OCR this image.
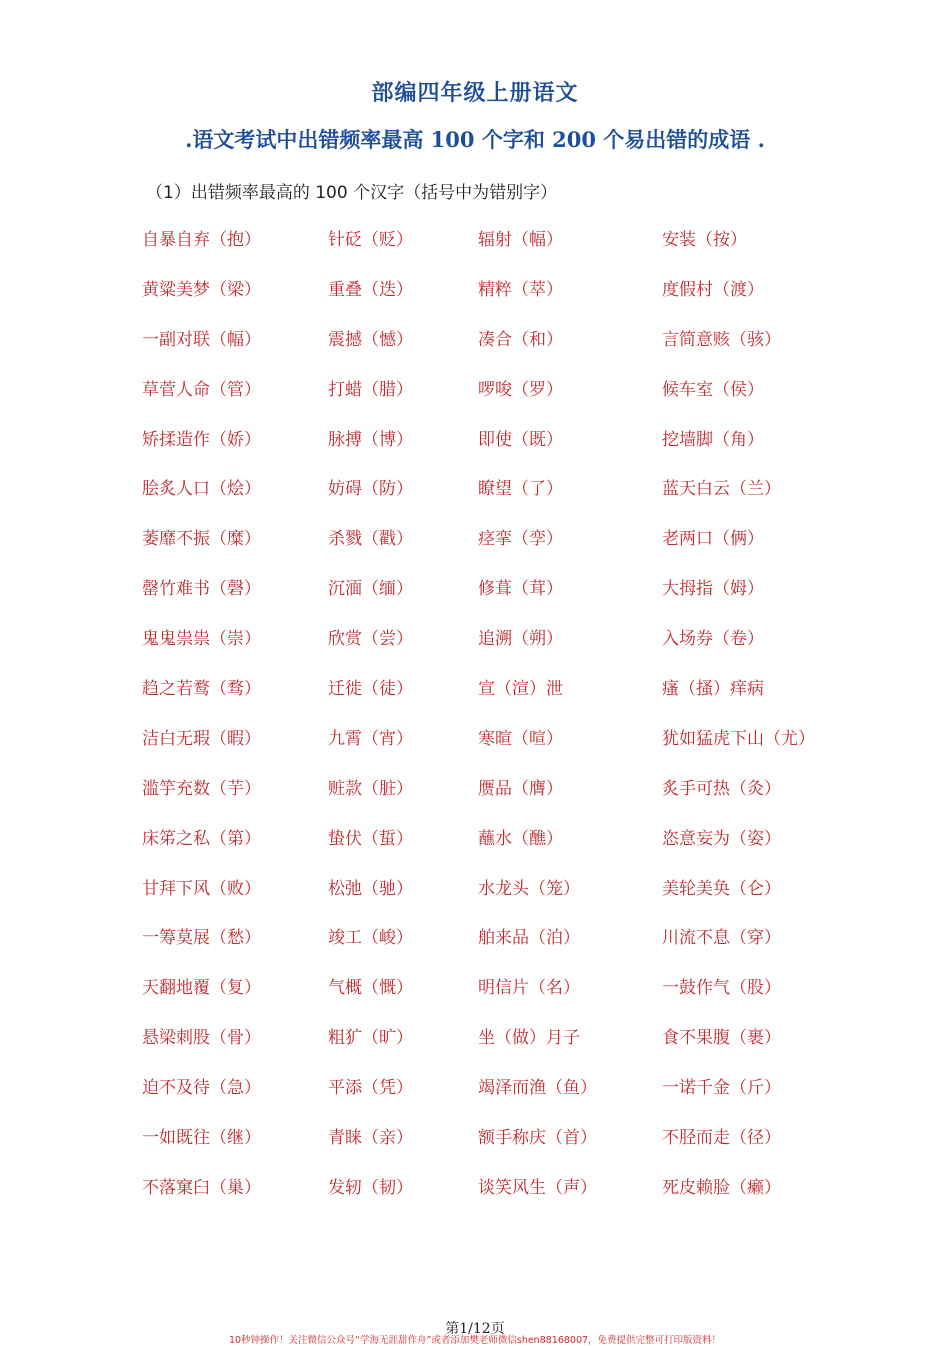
部编四年级上册语文
.语文考试中出错频率最高 100 个字和 200 个易出错的成语 .

（1）出错频率最高的 100 个汉字（括号中为错别字）

自暴自弃（抱）	针砭（贬）	辐射（幅）	安装（按）
黄粱美梦（梁）	重叠（迭）	精粹（萃）	度假村（渡）
一副对联（幅）	震撼（憾）	凑合（和）	言简意赅（骇）
草菅人命（管）	打蜡（腊）	啰唆（罗）	候车室（侯）
矫揉造作（娇）	脉搏（博）	即使（既）	挖墙脚（角）
脍炙人口（烩）	妨碍（防）	瞭望（了）	蓝天白云（兰）
萎靡不振（糜）	杀戮（戳）	痉挛（孪）	老两口（俩）
罄竹难书（磬）	沉湎（缅）	修葺（茸）	大拇指（姆）
鬼鬼祟祟（崇）	欣赏（尝）	追溯（朔）	入场券（卷）
趋之若鹜（骛）	迁徙（徒）	宣（渲）泄	瘙（搔）痒病
洁白无瑕（暇）	九霄（宵）	寒暄（喧）	犹如猛虎下山（尤）
滥竽充数（芋）	赃款（脏）	赝品（膺）	炙手可热（灸）
床笫之私（第）	蛰伏（蜇）	蘸水（醮）	恣意妄为（姿）
甘拜下风（败）	松弛（驰）	水龙头（笼）	美轮美奂（仑）
一筹莫展（愁）	竣工（峻）	舶来品（泊）	川流不息（穿）
天翻地覆（复）	气概（慨）	明信片（名）	一鼓作气（股）
悬梁刺股（骨）	粗犷（旷）	坐（做）月子	食不果腹（裹）
迫不及待（急）	平添（凭）	竭泽而渔（鱼）	一诺千金（斤）
一如既往（继）	青睐（亲）	额手称庆（首）	不胫而走（径）
不落窠臼（巢）	发轫（韧）	谈笑风生（声）	死皮赖脸（癞）
第1/12页
10秒钟操作！关注微信公众号“学海无涯甜作舟”或者添加樊老师微信shen88168007，免费提供完整可打印版资料！
